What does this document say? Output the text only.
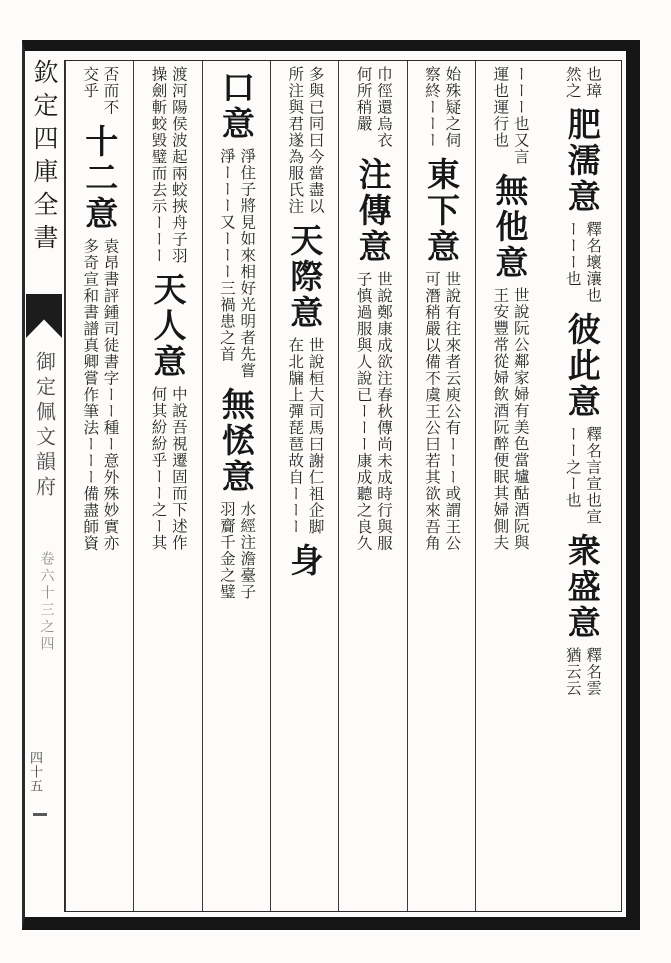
欽定四庫全書
御定佩文韻府
卷六十三之四
四十五
也璋
然之
肥濡意
釋名壞瀼也
ーーー也
彼此意
釋名言宣也宣
ーー之ー也
衆盛意
釋名雲
猶云云
ーーー也又言
運也運行也
無他意
世說阮公鄰家婦有美色當壚酤酒阮與
王安豐常從婦飲酒阮醉便眠其婦側夫
始殊疑之伺
察終ーーー
東下意
世說有往來者云庾公有ーーー或謂王公
可潛稍嚴以備不虞王公曰若其欲來吾角
巾徑還烏衣
何所稍嚴
注傳意
世說鄭康成欲注春秋傳尚未成時行與服
子慎過服與人說已ーーー康成聽之良久
多與已同曰今當盡以
所注與君遂為服氏注
天際意
世說桓大司馬曰謝仁祖企脚
在北牖上彈琵琶故自ーーー
身
口意
淨住子將見如來相好光明者先嘗
淨ーーー又ーーー三禍患之首
無恡意
水經注澹臺子
羽齎千金之璧
渡河陽侯波起兩蛟挾舟子羽
操劍斬蛟毀璧而去示ーーー
天人意
中說吾視遷固而下述作
何其紛紛乎ーー之ー其
否而不
交乎
十二意
袁昂書評鍾司徒書字ーー種ー意外殊妙實亦
多奇宣和書譜真卿嘗作筆法ーーー備盡師資
